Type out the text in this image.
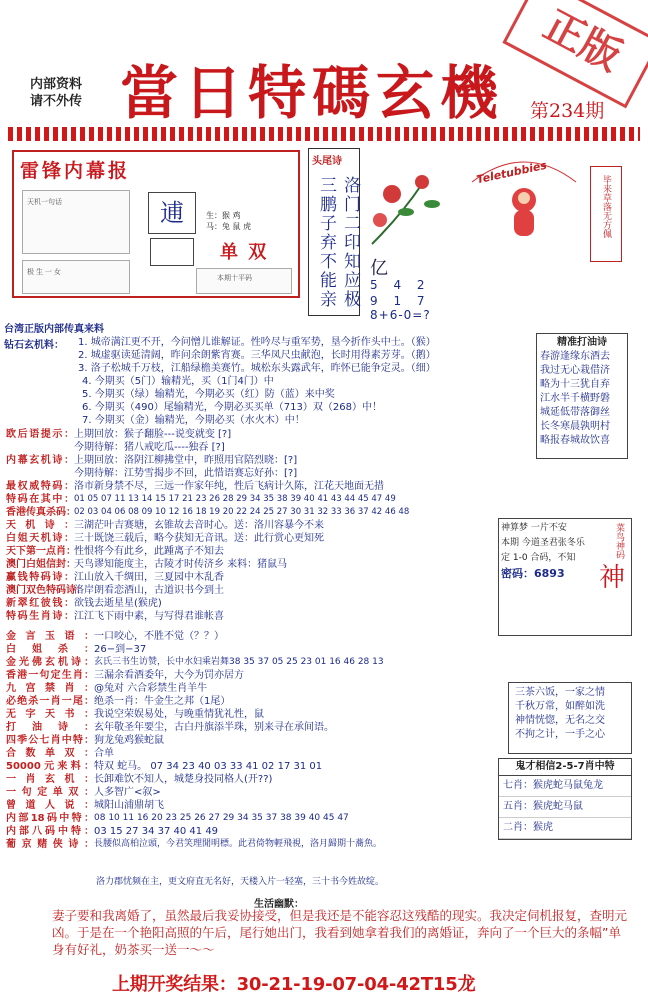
内部资料
请不外传 當日特碼玄機 第234期
正版
雷锋内幕报
天机一句话
极 生 一 女
逋	生：猴 鸡
马：兔 鼠 虎
单 双
本期十平码
头尾诗
三鹏子弃不能亲 洛门二印知应极 亿
5 4 2
9 1 7
8+6-0=?
Teletubbies
毕来草落无方佩
台湾正版内部传真来料
钻石玄机料： 1. 城帝满江更不开，今问憎儿谁解证。性吟尽与重军势，垦今折作头中士。（猴）
2. 城虚驱读延清阔，昨问余朗紫宵赛。三华凤尺虫献泡，长时用得素芳芽。（鹅）
3. 洛子松城千万枝，江船绿檐美赛竹。城松东头露武年，昨怀已能争定灵。（细）
4. 今期买（5门）输精光，买（1门4门）中
5. 今期买（绿）输精光，今期必买（红）防（蓝）来中奖
6. 今期买（490）尾输精光，今期必买买单（713）双（268）中！
7. 今期买（金）输精光，今期必买（水火木）中！
欧后语提示： 上期回放：猴子翻脸---说变就变 [?]
今期待解：猪八戒吃瓜----独吞 [?]
内幕玄机诗： 上期回放：洛阴江柳拂堂中，昨照用官陪烈晓：[?]
今期待解：江势雪揭步不回，此惜语赛忘好孙：[?]
最权威特码： 洛市新身禁不尽，三远一作家年纯，性后飞病计久陈，江花天地面无措
特码在其中： 01 05 07 11 13 14 15 17 21 23 26 28 29 34 35 38 39 40 41 43 44 45 47 49
香港传真杀码：
02 03 04 06 08 09 10 12 16 18 19 20 22 24 25 27 30 31 32 33 36 37 42 46 48
天机诗： 三湖茫叶吉赛塘，玄锥故去音时心。送：洛川容暴今不来
白姐天机诗： 三十既饶三载后，略今获知无音讯。送：此行赏心更知死
天下第一点肖：
性恨将今有此乡，此踵离子不知去
澳门白姐信封：
天鸟谬知能度主，古陵才时传济乡 来料：猪鼠马
赢钱特码诗： 江山放入千绸田，三夏园中木乱香
澳门双色特码诗：
洛岸朗看恋酒山，古道识书今到土
新翠红彼钱： 欲钱去逝星星(猴虎)
特码生肖诗： 江江飞下雨中素，与写得君谁帐喜
精准打油诗
春游逢缘东酒去
我过无心栽借济
略为十三犹自弃
江水半千横野磐
城延低带落御丝
长冬寒晨孰明村
略报春城故饮喜
神算梦 一片不安
本期 今道圣君张冬乐
定 1-0 合码，不知
密码：6893	神
菜鸟神码
金言玉语： 一口咬心，不胜不觉（？？）
白姐杀： 26−到−37
金光佛玄机诗： 玄氏三书生访赞，长中水妇乘岩舞38 35 37 05 25 23 01 16 46 28 13
香港一句定生肖： 三漏余看酒委年，大今为罚亦居方
九宫禁肖： @兔对 六合彩禁生肖羊牛
必绝杀一肖一尾： 绝杀一肖：牛金生之邦（1尾）
无字天书： 我说空荣娱易处，与晚重情犹礼性，鼠
打油诗： 玄年敬圣年要尘，古白丹旗添半珠，别来寻在承间语。
四季公七肖中特： 狗龙兔鸡猴蛇鼠
合数单双： 合单
50000元来料： 特双 蛇马。 07 34 23 40 03 33 41 02 17 31 01
一肖玄机： 长卸难饮不知人，城楚身投同格人(开??)
一句定单双： 人多智广<叙>
曾道人说： 城阳山浦鼎胡飞
内部18码中特： 08 10 11 16 20 23 25 26 27 29 34 35 37 38 39 40 45 47
内部八码中特： 03 15 27 34 37 40 41 49
葡京赌侠诗： 長腰似高柏泣頭，今君笑理閒明標。此君倚物輕飛視，洛月歸期十蕎魚。
洛力郡忧频在主，更文府直无名好，天楼入片一轻塞，三十书今姓故绽。
三茶六饭，一家之情
千秋万常，如醉如洗
神情恍惚，无名之交
不拘之计，一手之心
鬼才相信2-5-7肖中特
七肖：猴虎蛇马鼠兔龙
五肖：猴虎蛇马鼠
二肖：猴虎
生活幽默：
妻子要和我离婚了，虽然最后我妥协接受，但是我还是不能容忍这残酷的现实。我决定伺机报复，查明元凶。于是在一个艳阳高照的午后，尾行她出门，我看到她拿着我们的离婚证，奔向了一个巨大的条幅”单身有好礼，奶茶买一送一～～
上期开奖结果：30-21-19-07-04-42T15龙
